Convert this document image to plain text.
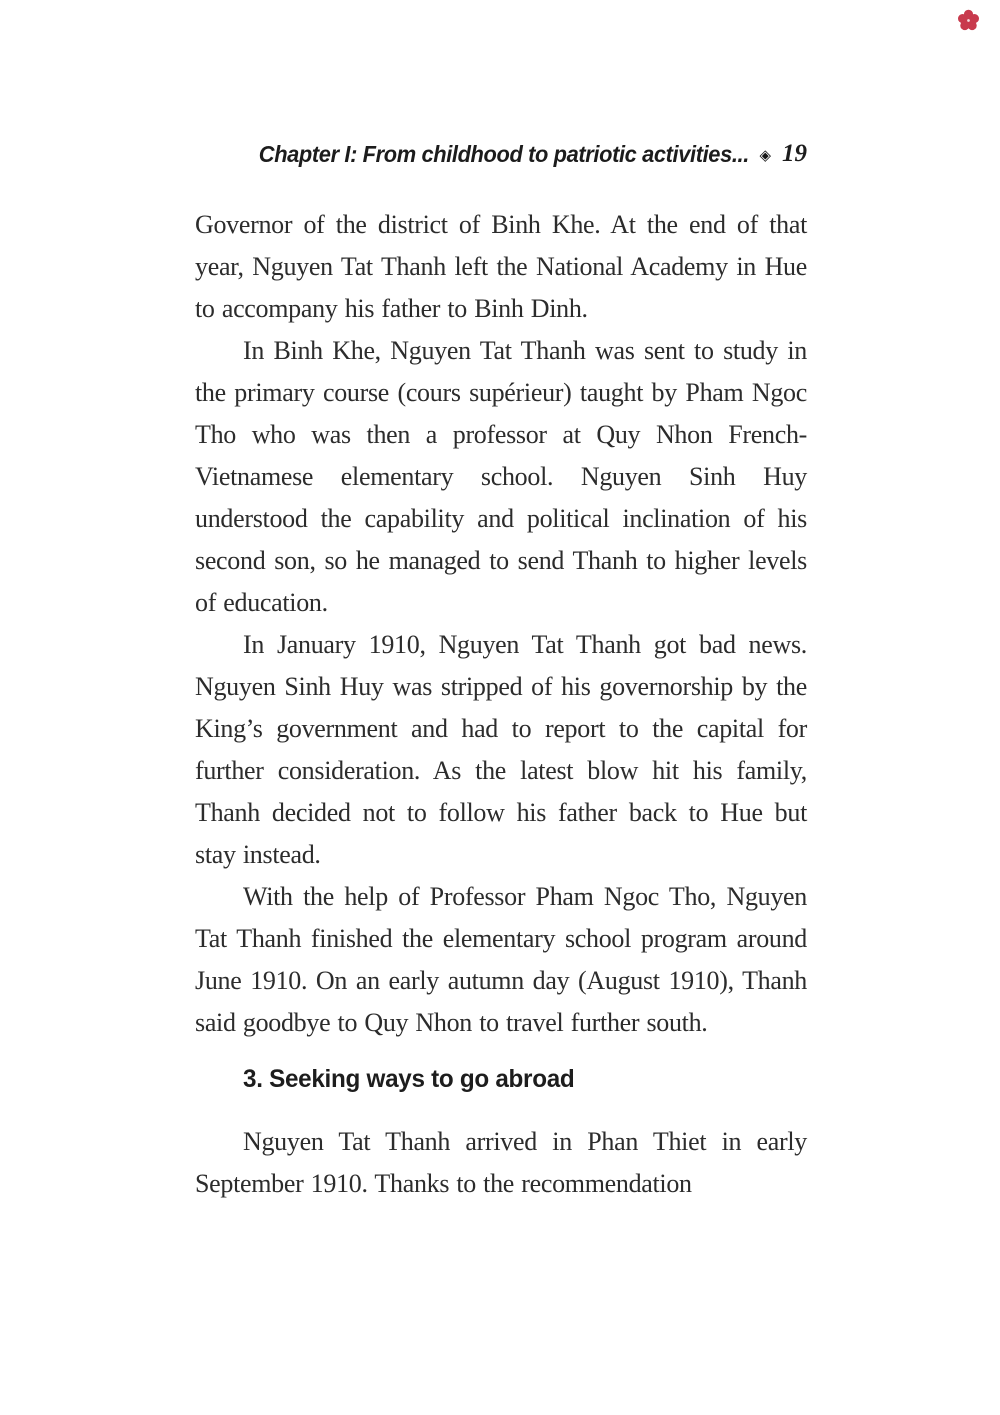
Chapter I: From childhood to patriotic activities... ◈ 19

Governor of the district of Binh Khe. At the end of that year, Nguyen Tat Thanh left the National Academy in Hue to accompany his father to Binh Dinh.

In Binh Khe, Nguyen Tat Thanh was sent to study in the primary course (cours supérieur) taught by Pham Ngoc Tho who was then a professor at Quy Nhon French-Vietnamese elementary school. Nguyen Sinh Huy understood the capability and political inclination of his second son, so he managed to send Thanh to higher levels of education.

In January 1910, Nguyen Tat Thanh got bad news. Nguyen Sinh Huy was stripped of his governorship by the King’s government and had to report to the capital for further consideration. As the latest blow hit his family, Thanh decided not to follow his father back to Hue but stay instead.

With the help of Professor Pham Ngoc Tho, Nguyen Tat Thanh finished the elementary school program around June 1910. On an early autumn day (August 1910), Thanh said goodbye to Quy Nhon to travel further south.

3. Seeking ways to go abroad

Nguyen Tat Thanh arrived in Phan Thiet in early September 1910. Thanks to the recommendation
